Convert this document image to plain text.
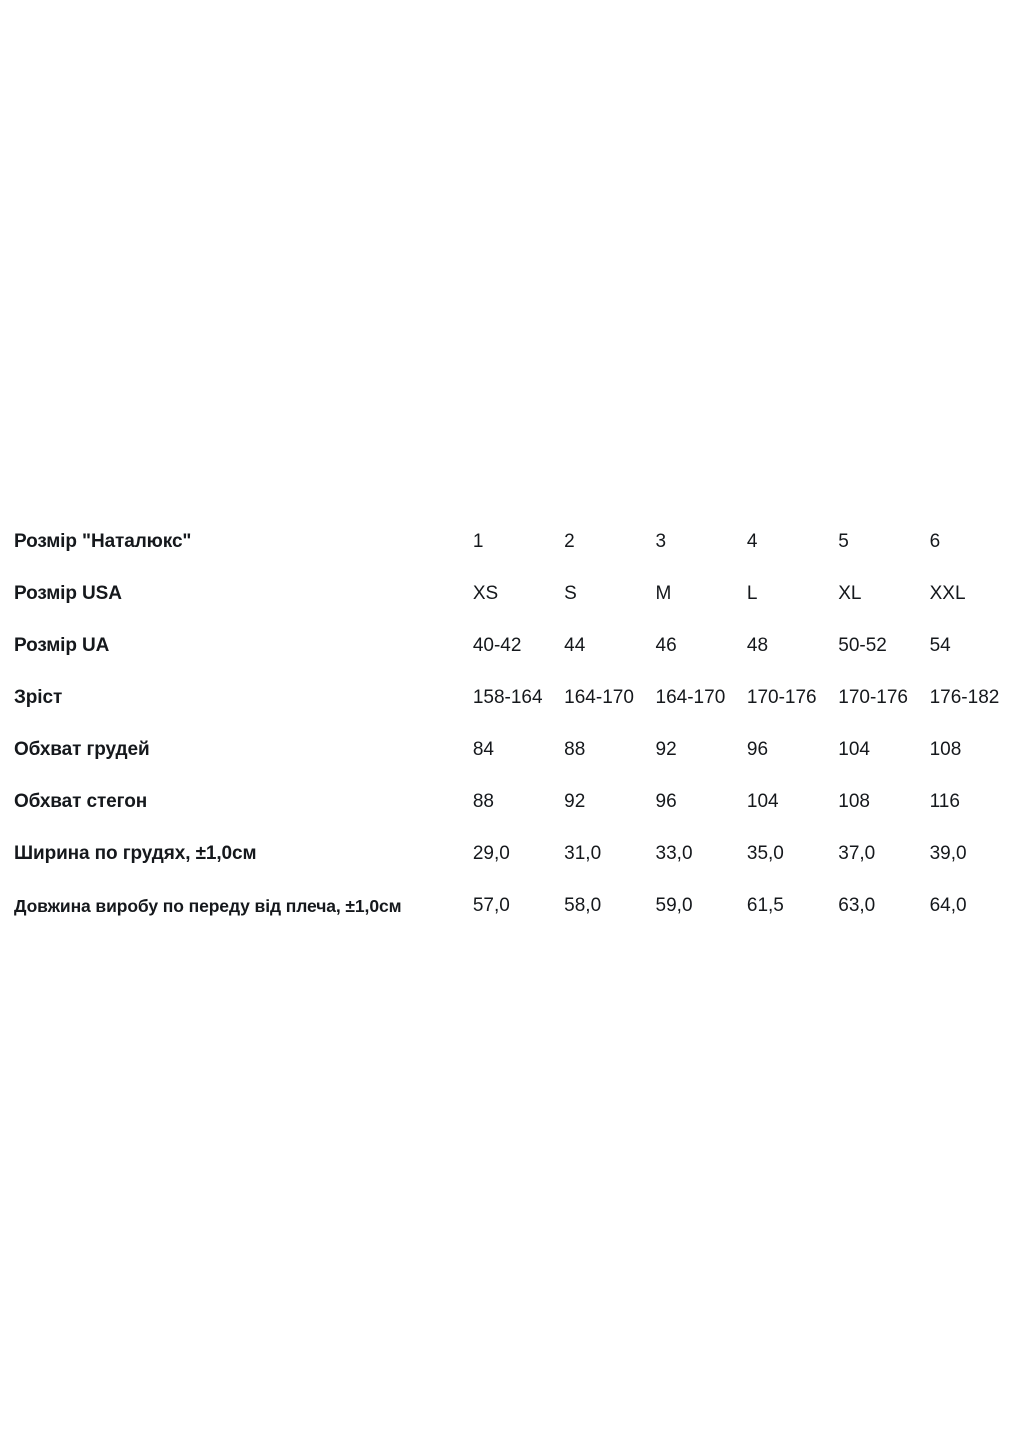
Розмір "Наталюкс"	1	2	3	4	5	6
Розмір USA	XS	S	M	L	XL	XXL
Розмір UA	40-42	44	46	48	50-52	54
Зріст	158-164	164-170	164-170	170-176	170-176	176-182
Обхват грудей	84	88	92	96	104	108
Обхват стегон	88	92	96	104	108	116
Ширина по грудях, ±1,0см	29,0	31,0	33,0	35,0	37,0	39,0
Довжина виробу по переду від плеча, ±1,0см	57,0	58,0	59,0	61,5	63,0	64,0
